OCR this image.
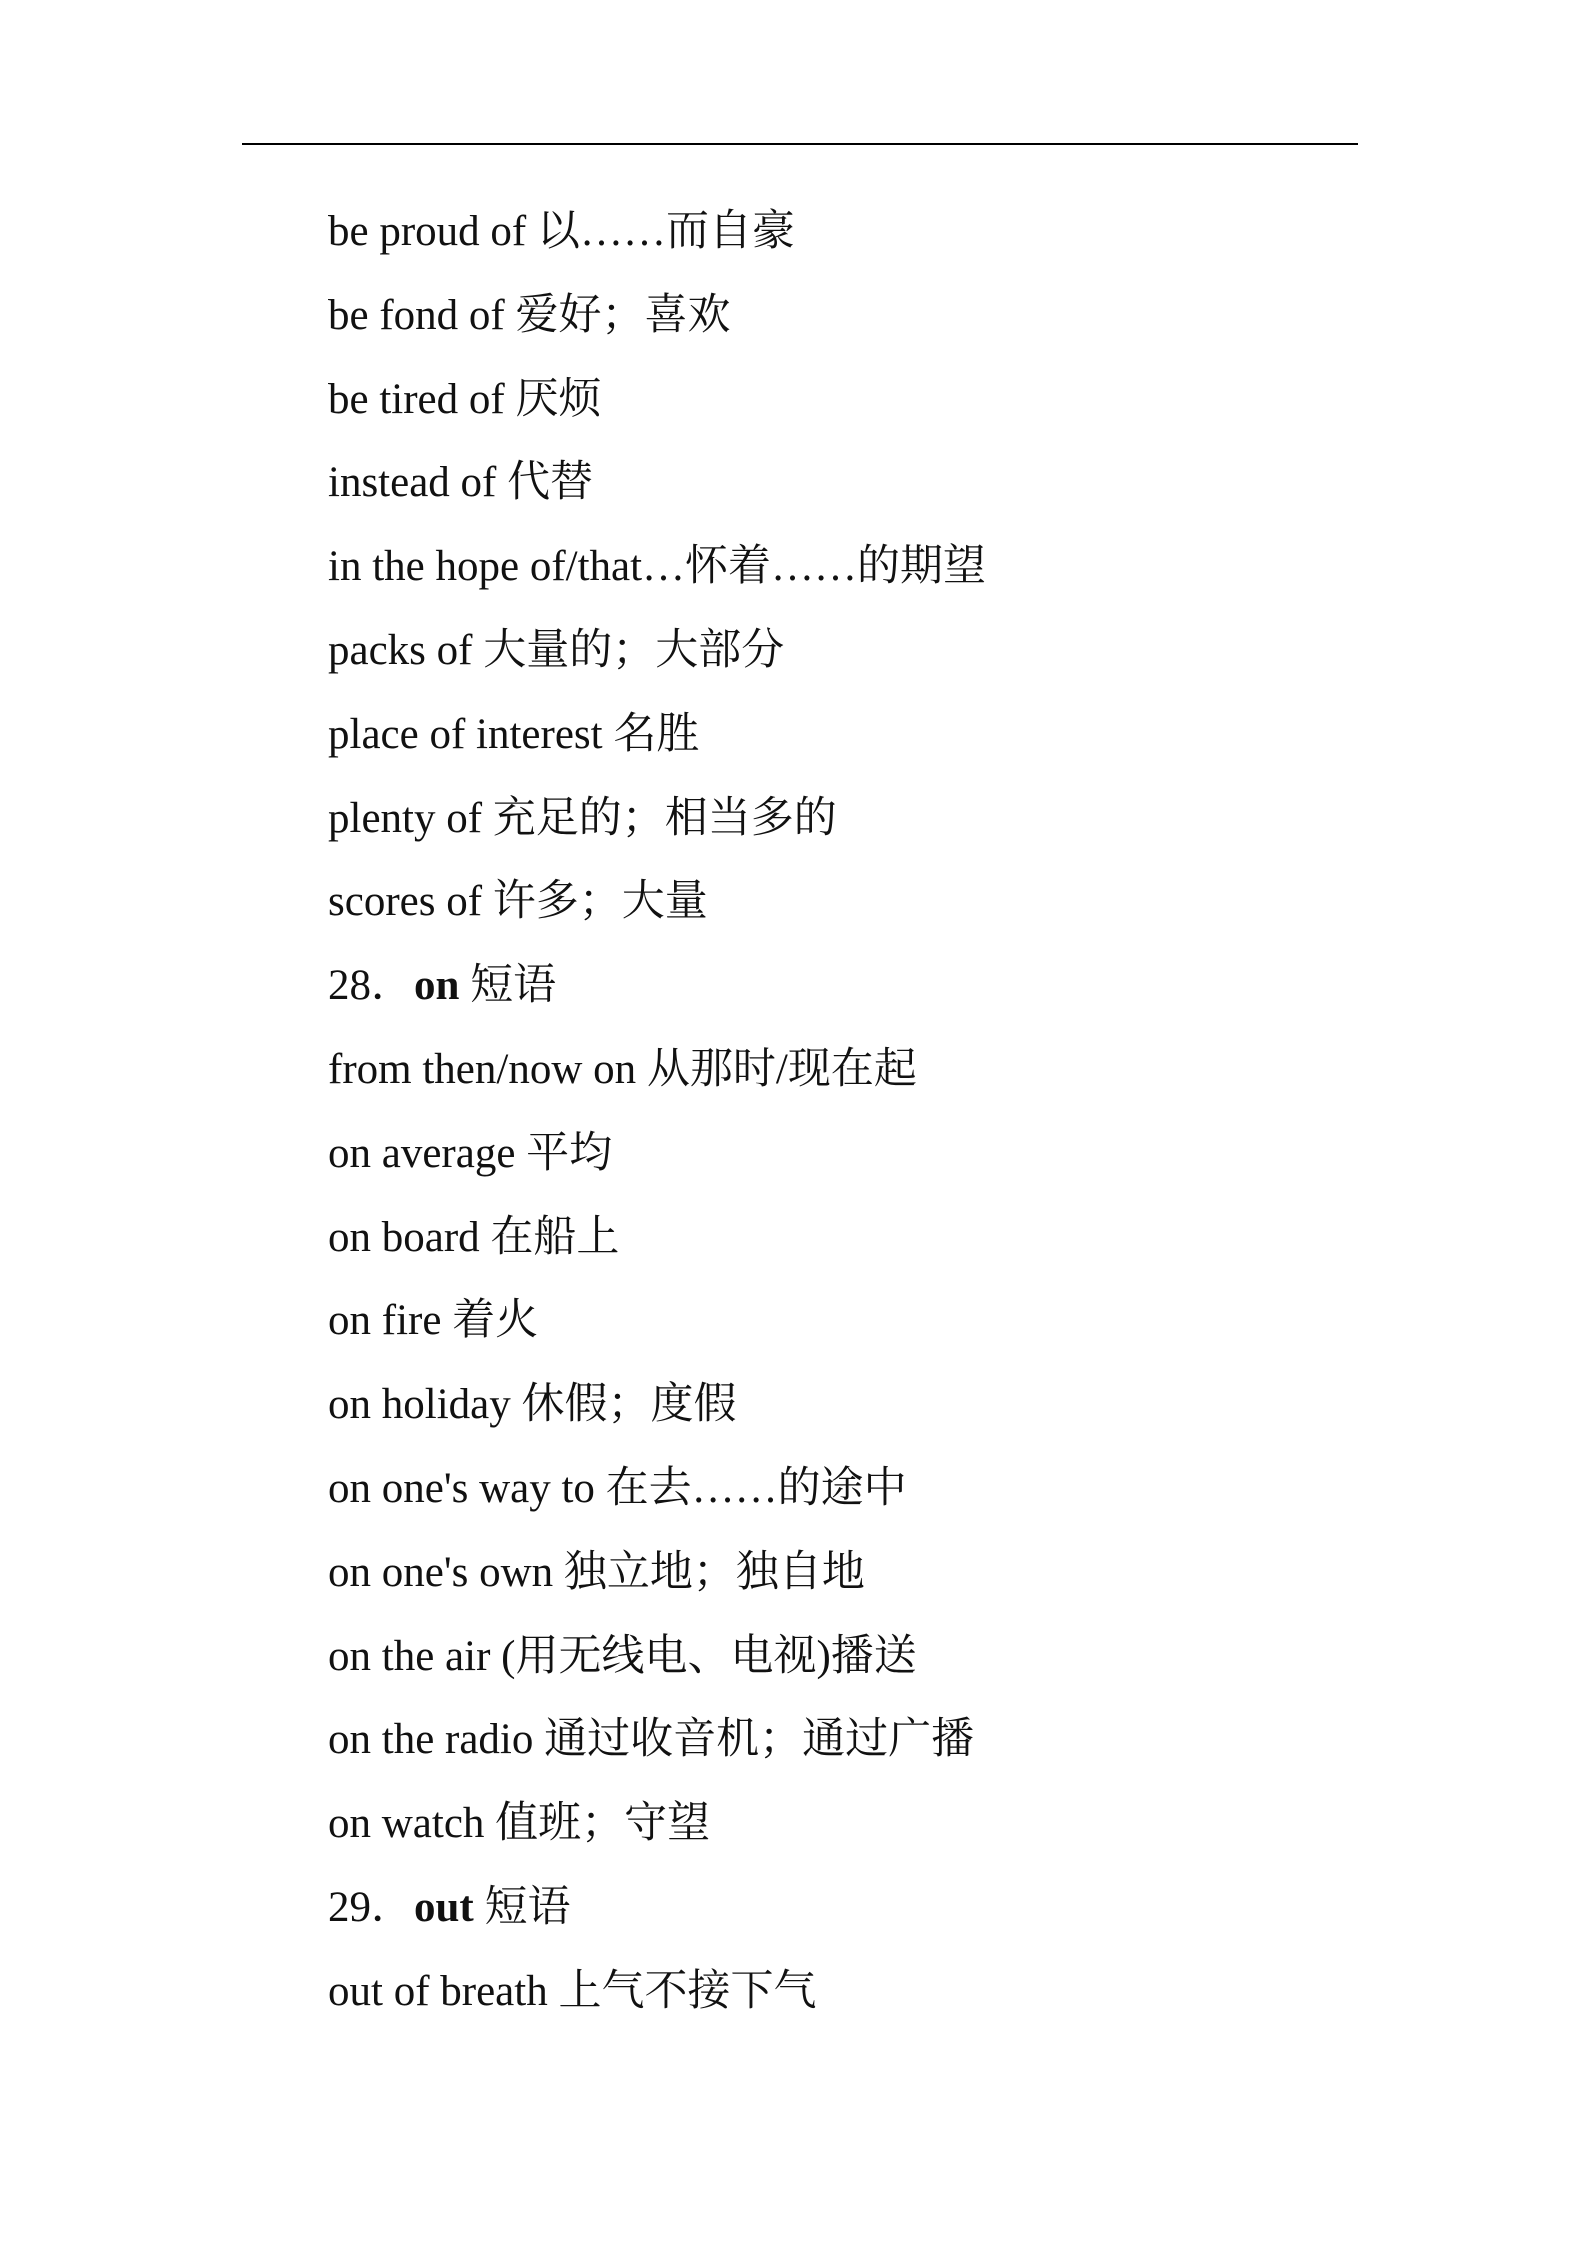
be proud of 以……而自豪
be fond of 爱好；喜欢
be tired of 厌烦
instead of 代替
in the hope of/that…怀着……的期望
packs of 大量的；大部分
place of interest 名胜
plenty of 充足的；相当多的
scores of 许多；大量
28．on 短语
from then/now on 从那时/现在起
on average 平均
on board 在船上
on fire 着火
on holiday 休假；度假
on one's way to 在去……的途中
on one's own 独立地；独自地
on the air (用无线电、电视)播送
on the radio 通过收音机；通过广播
on watch 值班；守望
29．out 短语
out of breath 上气不接下气
